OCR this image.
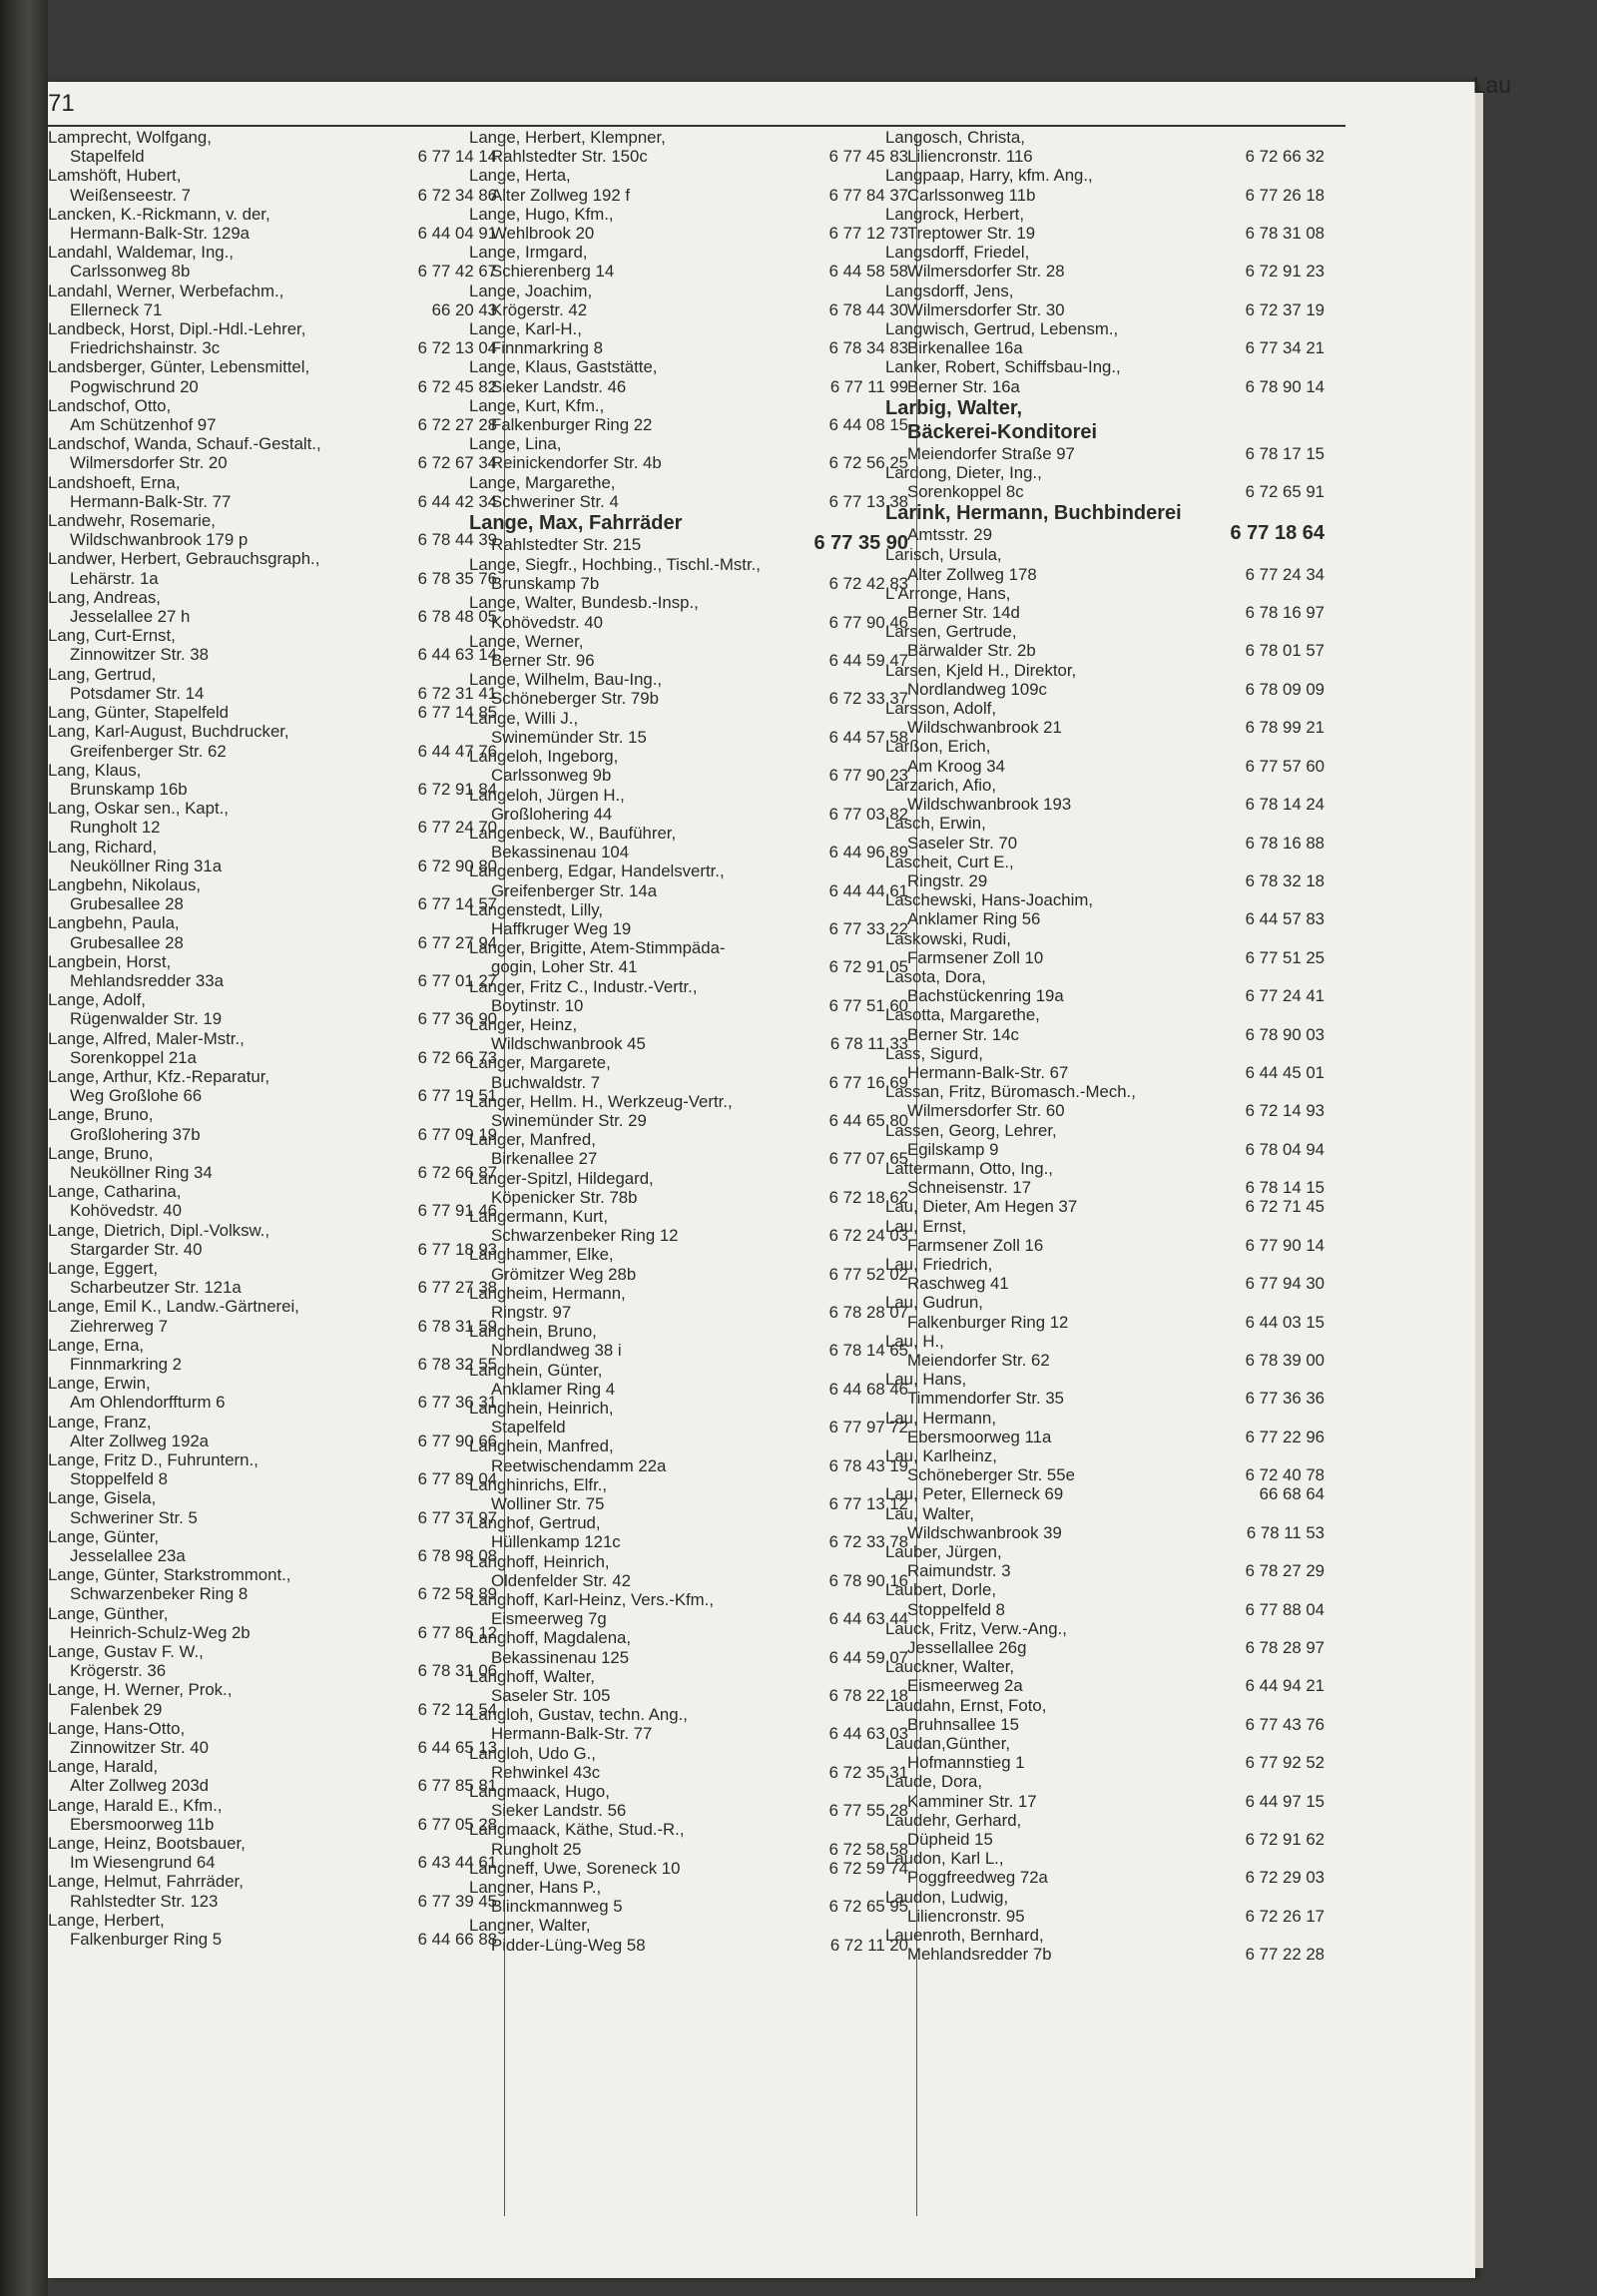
71
Lau
Lamprecht, Wolfgang,
Stapelfeld	6 77 14 14
Lamshöft, Hubert,
Weißenseestr. 7	6 72 34 86
Lancken, K.-Rickmann, v. der,
Hermann-Balk-Str. 129a	6 44 04 91
Landahl, Waldemar, Ing.,
Carlssonweg 8b	6 77 42 67
Landahl, Werner, Werbefachm.,
Ellerneck 71	66 20 43
Landbeck, Horst, Dipl.-Hdl.-Lehrer,
Friedrichshainstr. 3c	6 72 13 04
Landsberger, Günter, Lebensmittel,
Pogwischrund 20	6 72 45 82
Landschof, Otto,
Am Schützenhof 97	6 72 27 28
Landschof, Wanda, Schauf.-Gestalt.,
Wilmersdorfer Str. 20	6 72 67 34
Landshoeft, Erna,
Hermann-Balk-Str. 77	6 44 42 34
Landwehr, Rosemarie,
Wildschwanbrook 179 p	6 78 44 39
Landwer, Herbert, Gebrauchsgraph.,
Lehärstr. 1a	6 78 35 76
Lang, Andreas,
Jesselallee 27 h	6 78 48 05
Lang, Curt-Ernst,
Zinnowitzer Str. 38	6 44 63 14
Lang, Gertrud,
Potsdamer Str. 14	6 72 31 41
Lang, Günter, Stapelfeld	6 77 14 85
Lang, Karl-August, Buchdrucker,
Greifenberger Str. 62	6 44 47 76
Lang, Klaus,
Brunskamp 16b	6 72 91 84
Lang, Oskar sen., Kapt.,
Rungholt 12	6 77 24 70
Lang, Richard,
Neuköllner Ring 31a	6 72 90 80
Langbehn, Nikolaus,
Grubesallee 28	6 77 14 57
Langbehn, Paula,
Grubesallee 28	6 77 27 94
Langbein, Horst,
Mehlandsredder 33a	6 77 01 27
Lange, Adolf,
Rügenwalder Str. 19	6 77 36 90
Lange, Alfred, Maler-Mstr.,
Sorenkoppel 21a	6 72 66 73
Lange, Arthur, Kfz.-Reparatur,
Weg Großlohe 66	6 77 19 51
Lange, Bruno,
Großlohering 37b	6 77 09 19
Lange, Bruno,
Neuköllner Ring 34	6 72 66 87
Lange, Catharina,
Kohövedstr. 40	6 77 91 46
Lange, Dietrich, Dipl.-Volksw.,
Stargarder Str. 40	6 77 18 93
Lange, Eggert,
Scharbeutzer Str. 121a	6 77 27 38
Lange, Emil K., Landw.-Gärtnerei,
Ziehrerweg 7	6 78 31 59
Lange, Erna,
Finnmarkring 2	6 78 32 55
Lange, Erwin,
Am Ohlendorffturm 6	6 77 36 31
Lange, Franz,
Alter Zollweg 192a	6 77 90 66
Lange, Fritz D., Fuhruntern.,
Stoppelfeld 8	6 77 89 04
Lange, Gisela,
Schweriner Str. 5	6 77 37 97
Lange, Günter,
Jesselallee 23a	6 78 98 08
Lange, Günter, Starkstrommont.,
Schwarzenbeker Ring 8	6 72 58 89
Lange, Günther,
Heinrich-Schulz-Weg 2b	6 77 86 12
Lange, Gustav F. W.,
Krögerstr. 36	6 78 31 06
Lange, H. Werner, Prok.,
Falenbek 29	6 72 12 54
Lange, Hans-Otto,
Zinnowitzer Str. 40	6 44 65 13
Lange, Harald,
Alter Zollweg 203d	6 77 85 81
Lange, Harald E., Kfm.,
Ebersmoorweg 11b	6 77 05 28
Lange, Heinz, Bootsbauer,
Im Wiesengrund 64	6 43 44 61
Lange, Helmut, Fahrräder,
Rahlstedter Str. 123	6 77 39 45
Lange, Herbert,
Falkenburger Ring 5	6 44 66 88
Lange, Herbert, Klempner,
Rahlstedter Str. 150c	6 77 45 83
Lange, Herta,
Alter Zollweg 192 f	6 77 84 37
Lange, Hugo, Kfm.,
Wehlbrook 20	6 77 12 73
Lange, Irmgard,
Schierenberg 14	6 44 58 58
Lange, Joachim,
Krögerstr. 42	6 78 44 30
Lange, Karl-H.,
Finnmarkring 8	6 78 34 83
Lange, Klaus, Gaststätte,
Sieker Landstr. 46	6 77 11 99
Lange, Kurt, Kfm.,
Falkenburger Ring 22	6 44 08 15
Lange, Lina,
Reinickendorfer Str. 4b	6 72 56 25
Lange, Margarethe,
Schweriner Str. 4	6 77 13 38
Lange, Max, Fahrräder
Rahlstedter Str. 215	6 77 35 90
Lange, Siegfr., Hochbing., Tischl.-Mstr.,
Brunskamp 7b	6 72 42 83
Lange, Walter, Bundesb.-Insp.,
Kohövedstr. 40	6 77 90 46
Lange, Werner,
Berner Str. 96	6 44 59 47
Lange, Wilhelm, Bau-Ing.,
Schöneberger Str. 79b	6 72 33 37
Lange, Willi J.,
Swinemünder Str. 15	6 44 57 58
Langeloh, Ingeborg,
Carlssonweg 9b	6 77 90 23
Langeloh, Jürgen H.,
Großlohering 44	6 77 03 82
Langenbeck, W., Bauführer,
Bekassinenau 104	6 44 96 89
Langenberg, Edgar, Handelsvertr.,
Greifenberger Str. 14a	6 44 44 61
Langenstedt, Lilly,
Haffkruger Weg 19	6 77 33 22
Langer, Brigitte, Atem-Stimmpäda-
gogin, Loher Str. 41	6 72 91 05
Langer, Fritz C., Industr.-Vertr.,
Boytinstr. 10	6 77 51 60
Langer, Heinz,
Wildschwanbrook 45	6 78 11 33
Langer, Margarete,
Buchwaldstr. 7	6 77 16 69
Langer, Hellm. H., Werkzeug-Vertr.,
Swinemünder Str. 29	6 44 65 80
Langer, Manfred,
Birkenallee 27	6 77 07 65
Langer-Spitzl, Hildegard,
Köpenicker Str. 78b	6 72 18 62
Langermann, Kurt,
Schwarzenbeker Ring 12	6 72 24 03
Langhammer, Elke,
Grömitzer Weg 28b	6 77 52 02
Langheim, Hermann,
Ringstr. 97	6 78 28 07
Langhein, Bruno,
Nordlandweg 38 i	6 78 14 65
Langhein, Günter,
Anklamer Ring 4	6 44 68 46
Langhein, Heinrich,
Stapelfeld	6 77 97 72
Langhein, Manfred,
Reetwischendamm 22a	6 78 43 19
Langhinrichs, Elfr.,
Wolliner Str. 75	6 77 13 12
Langhof, Gertrud,
Hüllenkamp 121c	6 72 33 78
Langhoff, Heinrich,
Oldenfelder Str. 42	6 78 90 16
Langhoff, Karl-Heinz, Vers.-Kfm.,
Eismeerweg 7g	6 44 63 44
Langhoff, Magdalena,
Bekassinenau 125	6 44 59 07
Langhoff, Walter,
Saseler Str. 105	6 78 22 18
Langloh, Gustav, techn. Ang.,
Hermann-Balk-Str. 77	6 44 63 03
Langloh, Udo G.,
Rehwinkel 43c	6 72 35 31
Langmaack, Hugo,
Sieker Landstr. 56	6 77 55 28
Langmaack, Käthe, Stud.-R.,
Rungholt 25	6 72 58 58
Langneff, Uwe, Soreneck 10	6 72 59 74
Langner, Hans P.,
Blinckmannweg 5	6 72 65 95
Langner, Walter,
Pidder-Lüng-Weg 58	6 72 11 20
Langosch, Christa,
Liliencronstr. 116	6 72 66 32
Langpaap, Harry, kfm. Ang.,
Carlssonweg 11b	6 77 26 18
Langrock, Herbert,
Treptower Str. 19	6 78 31 08
Langsdorff, Friedel,
Wilmersdorfer Str. 28	6 72 91 23
Langsdorff, Jens,
Wilmersdorfer Str. 30	6 72 37 19
Langwisch, Gertrud, Lebensm.,
Birkenallee 16a	6 77 34 21
Lanker, Robert, Schiffsbau-Ing.,
Berner Str. 16a	6 78 90 14
Larbig, Walter,
Bäckerei-Konditorei
Meiendorfer Straße 97	6 78 17 15
Lardong, Dieter, Ing.,
Sorenkoppel 8c	6 72 65 91
Larink, Hermann, Buchbinderei
Amtsstr. 29	6 77 18 64
Larisch, Ursula,
Alter Zollweg 178	6 77 24 34
L'Arronge, Hans,
Berner Str. 14d	6 78 16 97
Larsen, Gertrude,
Bärwalder Str. 2b	6 78 01 57
Larsen, Kjeld H., Direktor,
Nordlandweg 109c	6 78 09 09
Larsson, Adolf,
Wildschwanbrook 21	6 78 99 21
Larßon, Erich,
Am Kroog 34	6 77 57 60
Larzarich, Afio,
Wildschwanbrook 193	6 78 14 24
Lasch, Erwin,
Saseler Str. 70	6 78 16 88
Lascheit, Curt E.,
Ringstr. 29	6 78 32 18
Laschewski, Hans-Joachim,
Anklamer Ring 56	6 44 57 83
Laskowski, Rudi,
Farmsener Zoll 10	6 77 51 25
Lasota, Dora,
Bachstückenring 19a	6 77 24 41
Lasotta, Margarethe,
Berner Str. 14c	6 78 90 03
Lass, Sigurd,
Hermann-Balk-Str. 67	6 44 45 01
Lassan, Fritz, Büromasch.-Mech.,
Wilmersdorfer Str. 60	6 72 14 93
Lassen, Georg, Lehrer,
Egilskamp 9	6 78 04 94
Lattermann, Otto, Ing.,
Schneisenstr. 17	6 78 14 15
Lau, Dieter, Am Hegen 37	6 72 71 45
Lau, Ernst,
Farmsener Zoll 16	6 77 90 14
Lau, Friedrich,
Raschweg 41	6 77 94 30
Lau, Gudrun,
Falkenburger Ring 12	6 44 03 15
Lau, H.,
Meiendorfer Str. 62	6 78 39 00
Lau, Hans,
Timmendorfer Str. 35	6 77 36 36
Lau, Hermann,
Ebersmoorweg 11a	6 77 22 96
Lau, Karlheinz,
Schöneberger Str. 55e	6 72 40 78
Lau, Peter, Ellerneck 69	66 68 64
Lau, Walter,
Wildschwanbrook 39	6 78 11 53
Lauber, Jürgen,
Raimundstr. 3	6 78 27 29
Laubert, Dorle,
Stoppelfeld 8	6 77 88 04
Lauck, Fritz, Verw.-Ang.,
Jessellallee 26g	6 78 28 97
Lauckner, Walter,
Eismeerweg 2a	6 44 94 21
Laudahn, Ernst, Foto,
Bruhnsallee 15	6 77 43 76
Laudan,Günther,
Hofmannstieg 1	6 77 92 52
Laude, Dora,
Kamminer Str. 17	6 44 97 15
Laudehr, Gerhard,
Düpheid 15	6 72 91 62
Laudon, Karl L.,
Poggfreedweg 72a	6 72 29 03
Laudon, Ludwig,
Liliencronstr. 95	6 72 26 17
Lauenroth, Bernhard,
Mehlandsredder 7b	6 77 22 28
